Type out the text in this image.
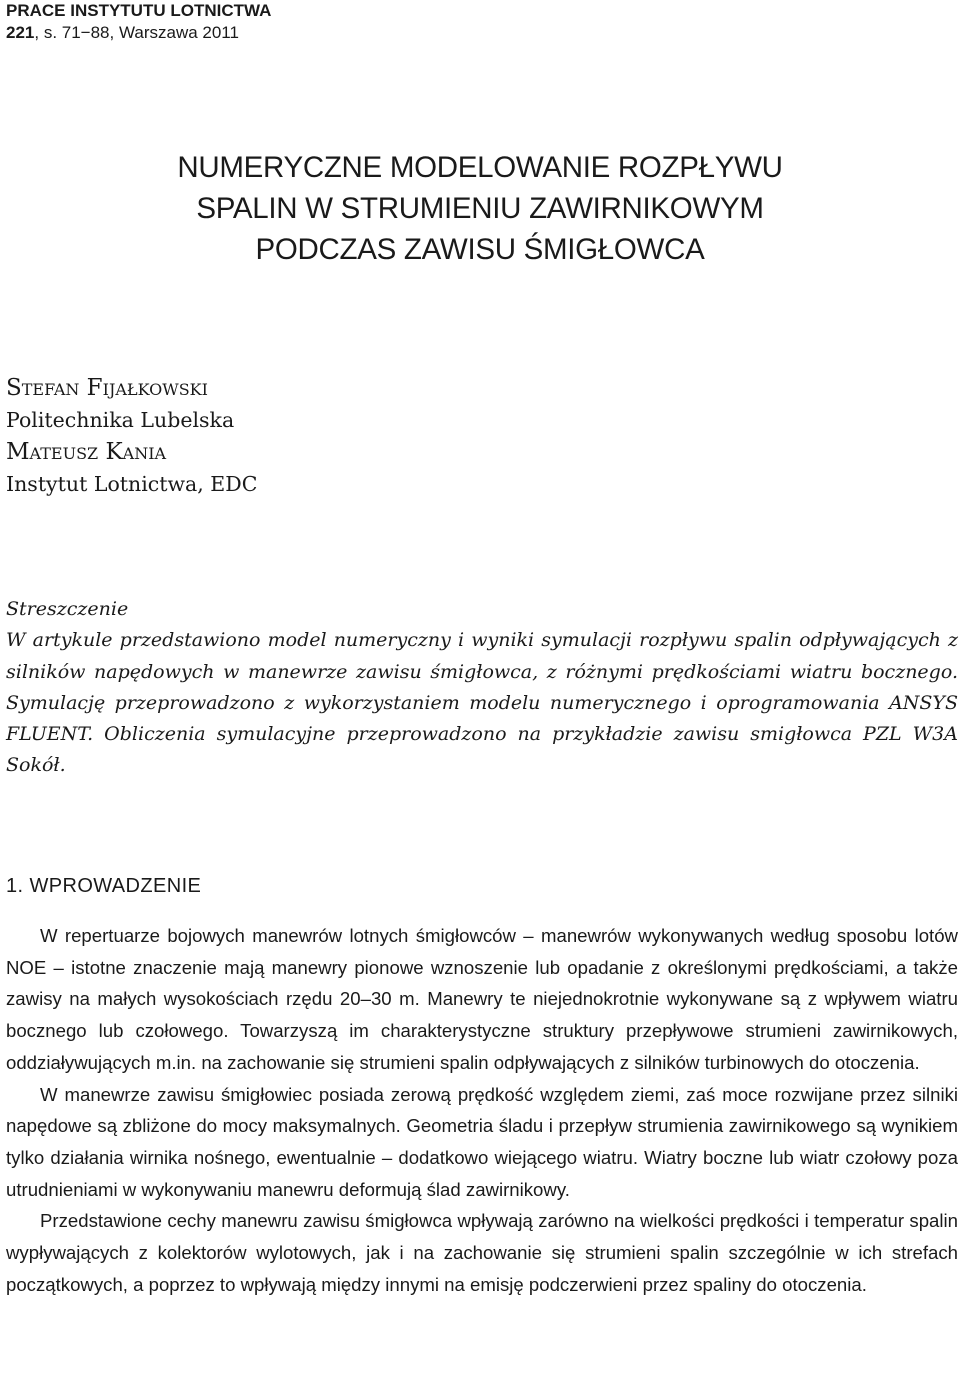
PRACE INSTYTUTU LOTNICTWA
221, s. 71−88, Warszawa 2011
NUMERYCZNE MODELOWANIE ROZPŁYWU
SPALIN W STRUMIENIU ZAWIRNIKOWYM
PODCZAS ZAWISU ŚMIGŁOWCA
Stefan Fijałkowski
Politechnika Lubelska
Mateusz Kania
Instytut Lotnictwa, EDC
Streszczenie

W artykule przedstawiono model numeryczny i wyniki symulacji rozpływu spalin odpływających z silników napędowych w manewrze zawisu śmigłowca, z różnymi prędkościami wiatru bocznego. Symulację przeprowadzono z wykorzystaniem modelu numerycznego i oprogramowania ANSYS FLUENT. Obliczenia symulacyjne przeprowadzono na przykładzie zawisu smigłowca PZL W3A Sokół.

1. WPROWADZENIE

W repertuarze bojowych manewrów lotnych śmigłowców – manewrów wykonywanych według sposobu lotów NOE – istotne znaczenie mają manewry pionowe wznoszenie lub opadanie z określonymi prędkościami, a także zawisy na małych wysokościach rzędu 20–30 m. Manewry te niejednokrotnie wykonywane są z wpływem wiatru bocznego lub czołowego. Towarzyszą im charakterystyczne struktury przepływowe strumieni zawirnikowych, oddziaływujących m.in. na zachowanie się strumieni spalin odpływających z silników turbinowych do otoczenia.

W manewrze zawisu śmigłowiec posiada zerową prędkość względem ziemi, zaś moce rozwijane przez silniki napędowe są zbliżone do mocy maksymalnych. Geometria śladu i przepływ strumienia zawirnikowego są wynikiem tylko działania wirnika nośnego, ewentualnie – dodatkowo wiejącego wiatru. Wiatry boczne lub wiatr czołowy poza utrudnieniami w wykonywaniu manewru deformują ślad zawirnikowy.

Przedstawione cechy manewru zawisu śmigłowca wpływają zarówno na wielkości prędkości i temperatur spalin wypływających z kolektorów wylotowych, jak i na zachowanie się strumieni spalin szczególnie w ich strefach początkowych, a poprzez to wpływają między innymi na emisję podczerwieni przez spaliny do otoczenia.
